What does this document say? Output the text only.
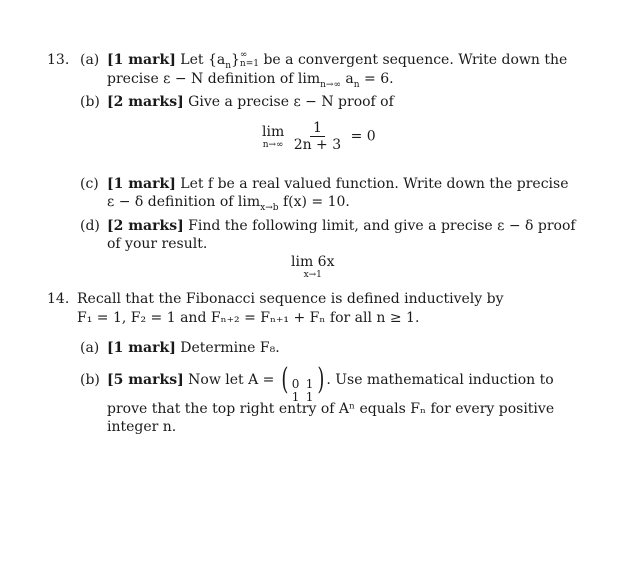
13. (a) [1 mark] Let $\{a_n\}$ ∞
n=1 be a convergent sequence. Write down the
precise ε − N definition of $\lim_{n\to\infty} a_n = 6$.
(b) [2 marks] Give a precise ε − N proof of
lim
n→∞
$\frac{1}{2n + 3} = 0$
(c) [1 mark] Let f be a real valued function. Write down the precise
ε − δ definition of $\lim_{x\to b} f(x) = 10$.
(d) [2 marks] Find the following limit, and give a precise ε − δ proof
of your result.
lim 6x
x→1
14. Recall that the Fibonacci sequence is defined inductively by
F₁ = 1, F₂ = 1 and Fₙ₊₂ = Fₙ₊₁ + Fₙ for all n ≥ 1.
(a) [1 mark] Determine F₈.
(b) [5 marks] Now let A = ( 0 1
1 1 ) . Use mathematical induction to
prove that the top right entry of Aⁿ equals Fₙ for every positive
integer n.
